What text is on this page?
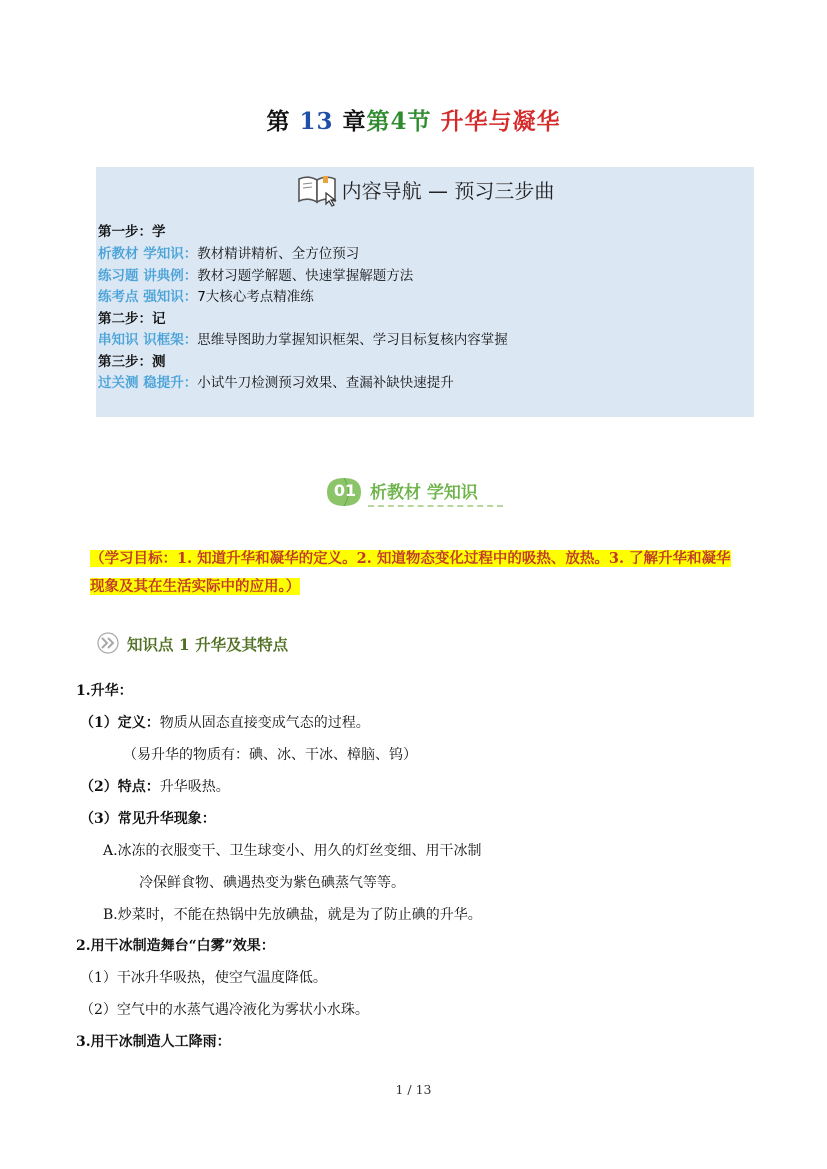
第 13 章第4节 升华与凝华
内容导航 — 预习三步曲
第一步：学
析教材 学知识：教材精讲精析、全方位预习
练习题 讲典例：教材习题学解题、快速掌握解题方法
练考点 强知识：7大核心考点精准练
第二步：记
串知识 识框架：思维导图助力掌握知识框架、学习目标复核内容掌握
第三步：测
过关测 稳提升：小试牛刀检测预习效果、查漏补缺快速提升
01 析教材 学知识
（学习目标：1. 知道升华和凝华的定义。2. 知道物态变化过程中的吸热、放热。3. 了解升华和凝华
现象及其在生活实际中的应用。）
知识点 1 升华及其特点
1.升华：
（1）定义：物质从固态直接变成气态的过程。
（易升华的物质有：碘、冰、干冰、樟脑、钨）
（2）特点：升华吸热。
（3）常见升华现象：
A.冰冻的衣服变干、卫生球变小、用久的灯丝变细、用干冰制
冷保鲜食物、碘遇热变为紫色碘蒸气等等。
B.炒菜时，不能在热锅中先放碘盐，就是为了防止碘的升华。
2.用干冰制造舞台“白雾”效果：
（1）干冰升华吸热，使空气温度降低。
（2）空气中的水蒸气遇冷液化为雾状小水珠。
3.用干冰制造人工降雨：
1 / 13
